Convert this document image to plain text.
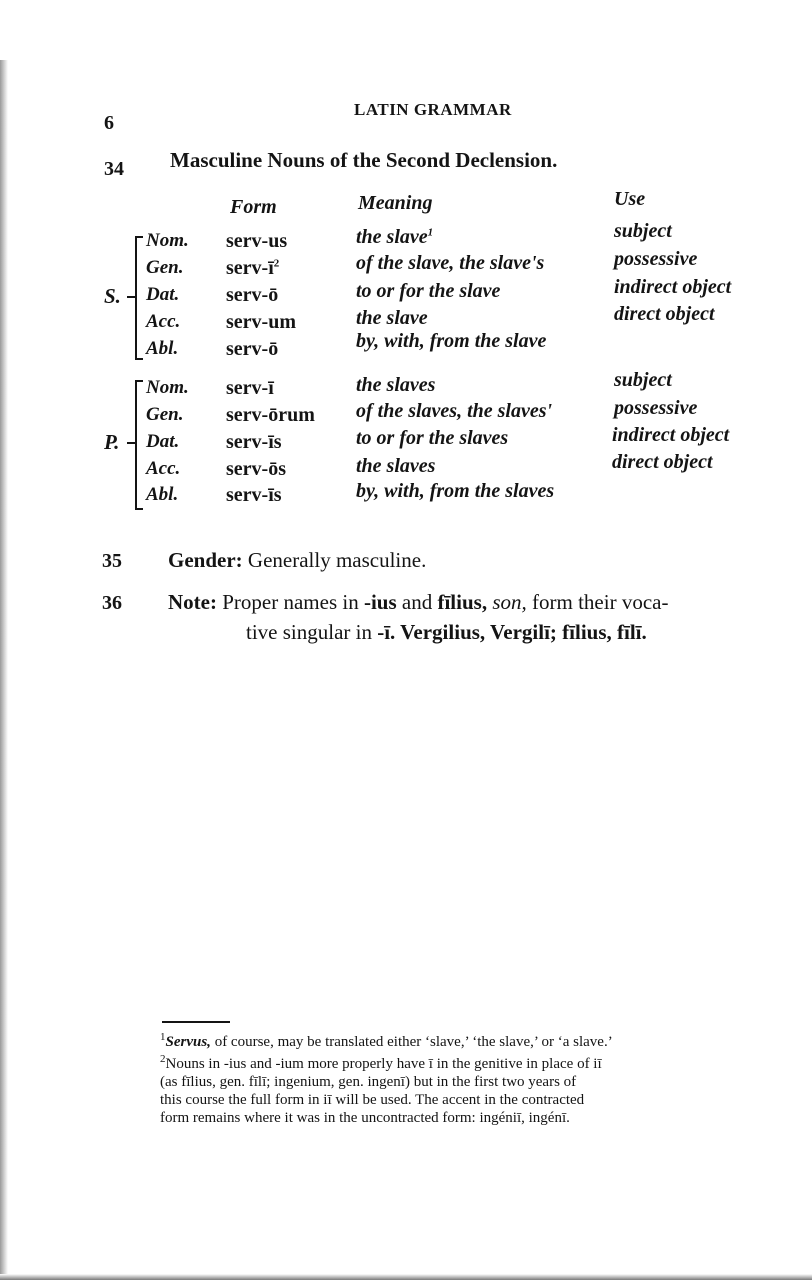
6
LATIN GRAMMAR
34 Masculine Nouns of the Second Declension.
Form	Meaning	Use
S.
Nom. serv-us	the slave$^1$	subject
Gen. serv-$ī^2$	of the slave, the slave's	possessive
Dat. serv-ō	to or for the slave	indirect object
Acc. serv-um	the slave	direct object
Abl. serv-ō	by, with, from the slave
P.
Nom. serv-ī	the slaves	subject
Gen. serv-ōrum of the slaves, the slaves'	possessive
Dat. serv-īs	to or for the slaves	indirect object
Acc. serv-ōs	the slaves	direct object
Abl. serv-īs	by, with, from the slaves
35 Gender: Generally masculine.
36 Note: Proper names in -ius and fīlius, son, form their voca-
tive singular in -ī. Vergilius, Vergilī; fīlius, fīlī.
$^1$Servus, of course, may be translated either ‘slave,’ ‘the slave,’ or ‘a slave.’
$^2$Nouns in -ius and -ium more properly have ī in the genitive in place of iī
(as fīlius, gen. fīlī; ingenium, gen. ingenī) but in the first two years of
this course the full form in iī will be used. The accent in the contracted
form remains where it was in the uncontracted form: ingéniī, ingénī.
